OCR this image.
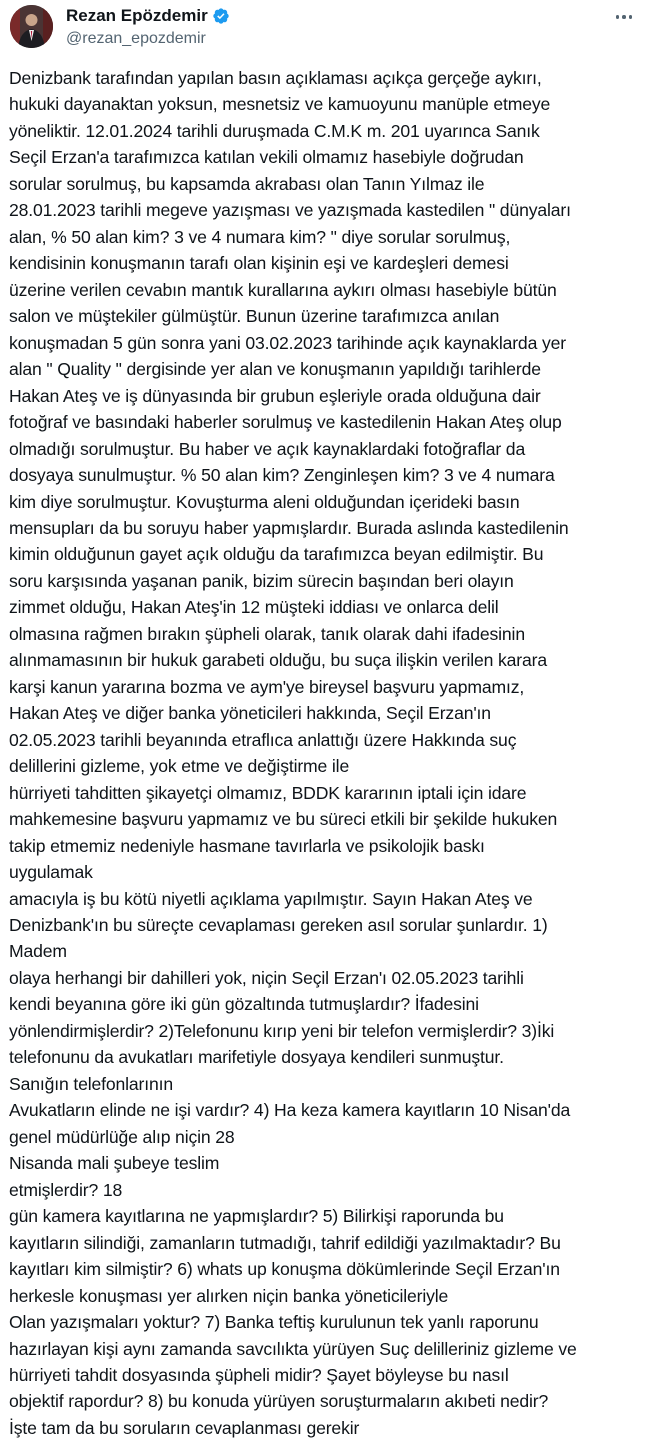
Rezan Epözdemir
@rezan_epozdemir
Denizbank tarafından yapılan basın açıklaması açıkça gerçeğe aykırı,
hukuki dayanaktan yoksun, mesnetsiz ve kamuoyunu manüple etmeye
yöneliktir. 12.01.2024 tarihli duruşmada C.M.K m. 201 uyarınca Sanık
Seçil Erzan'a tarafımızca katılan vekili olmamız hasebiyle doğrudan
sorular sorulmuş, bu kapsamda akrabası olan Tanın Yılmaz ile
28.01.2023 tarihli megeve yazışması ve yazışmada kastedilen " dünyaları
alan, % 50 alan kim? 3 ve 4 numara kim? " diye sorular sorulmuş,
kendisinin konuşmanın tarafı olan kişinin eşi ve kardeşleri demesi
üzerine verilen cevabın mantık kurallarına aykırı olması hasebiyle bütün
salon ve müştekiler gülmüştür. Bunun üzerine tarafımızca anılan
konuşmadan 5 gün sonra yani 03.02.2023 tarihinde açık kaynaklarda yer
alan " Quality " dergisinde yer alan ve konuşmanın yapıldığı tarihlerde
Hakan Ateş ve iş dünyasında bir grubun eşleriyle orada olduğuna dair
fotoğraf ve basındaki haberler sorulmuş ve kastedilenin Hakan Ateş olup
olmadığı sorulmuştur. Bu haber ve açık kaynaklardaki fotoğraflar da
dosyaya sunulmuştur. % 50 alan kim? Zenginleşen kim? 3 ve 4 numara
kim diye sorulmuştur. Kovuşturma aleni olduğundan içerideki basın
mensupları da bu soruyu haber yapmışlardır. Burada aslında kastedilenin
kimin olduğunun gayet açık olduğu da tarafımızca beyan edilmiştir. Bu
soru karşısında yaşanan panik, bizim sürecin başından beri olayın
zimmet olduğu, Hakan Ateş'in 12 müşteki iddiası ve onlarca delil
olmasına rağmen bırakın şüpheli olarak, tanık olarak dahi ifadesinin
alınmamasının bir hukuk garabeti olduğu, bu suça ilişkin verilen karara
karşi kanun yararına bozma ve aym'ye bireysel başvuru yapmamız,
Hakan Ateş ve diğer banka yöneticileri hakkında, Seçil Erzan'ın
02.05.2023 tarihli beyanında etraflıca anlattığı üzere Hakkında suç
delillerini gizleme, yok etme ve değiştirme ile
hürriyeti tahditten şikayetçi olmamız, BDDK kararının iptali için idare
mahkemesine başvuru yapmamız ve bu süreci etkili bir şekilde hukuken
takip etmemiz nedeniyle hasmane tavırlarla ve psikolojik baskı
uygulamak
amacıyla iş bu kötü niyetli açıklama yapılmıştır. Sayın Hakan Ateş ve
Denizbank'ın bu süreçte cevaplaması gereken asıl sorular şunlardır. 1)
Madem
olaya herhangi bir dahilleri yok, niçin Seçil Erzan'ı 02.05.2023 tarihli
kendi beyanına göre iki gün gözaltında tutmuşlardır? İfadesini
yönlendirmişlerdir? 2)Telefonunu kırıp yeni bir telefon vermişlerdir? 3)İki
telefonunu da avukatları marifetiyle dosyaya kendileri sunmuştur.
Sanığın telefonlarının
Avukatların elinde ne işi vardır? 4) Ha keza kamera kayıtların 10 Nisan'da
genel müdürlüğe alıp niçin 28
Nisanda mali şubeye teslim
etmişlerdir? 18
gün kamera kayıtlarına ne yapmışlardır? 5) Bilirkişi raporunda bu
kayıtların silindiği, zamanların tutmadığı, tahrif edildiği yazılmaktadır? Bu
kayıtları kim silmiştir? 6) whats up konuşma dökümlerinde Seçil Erzan'ın
herkesle konuşması yer alırken niçin banka yöneticileriyle
Olan yazışmaları yoktur? 7) Banka teftiş kurulunun tek yanlı raporunu
hazırlayan kişi aynı zamanda savcılıkta yürüyen Suç delilleriniz gizleme ve
hürriyeti tahdit dosyasında şüpheli midir? Şayet böyleyse bu nasıl
objektif rapordur? 8) bu konuda yürüyen soruşturmaların akıbeti nedir?
İşte tam da bu soruların cevaplanması gerekir
